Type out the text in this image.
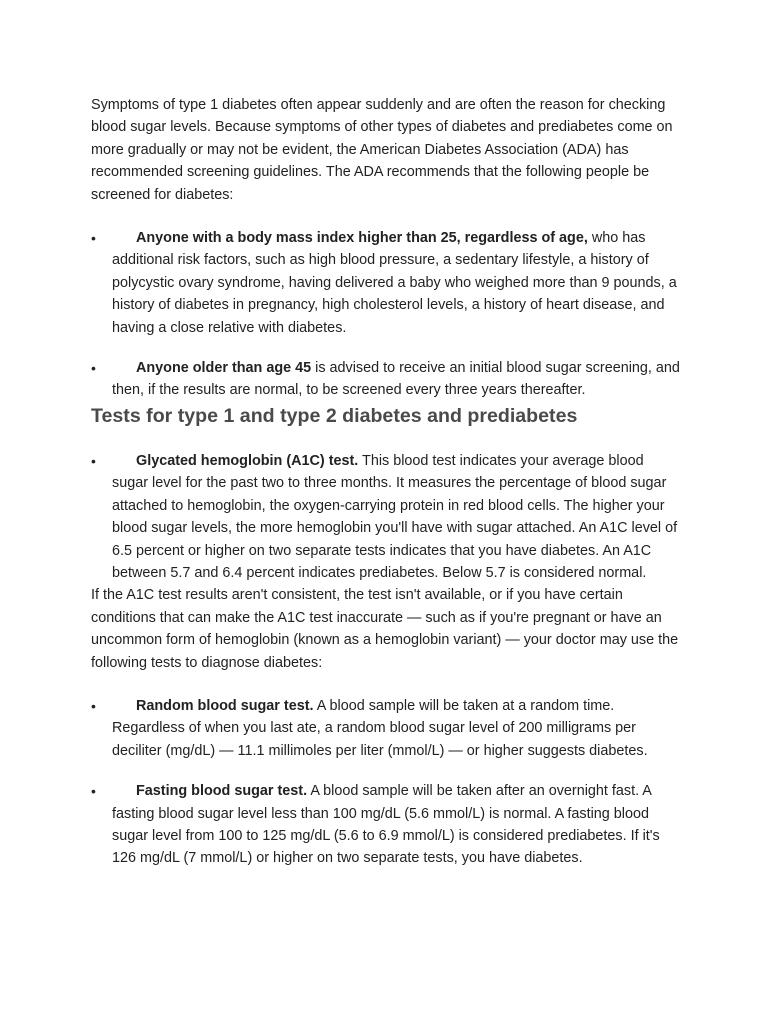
Symptoms of type 1 diabetes often appear suddenly and are often the reason for checking blood sugar levels. Because symptoms of other types of diabetes and prediabetes come on more gradually or may not be evident, the American Diabetes Association (ADA) has recommended screening guidelines. The ADA recommends that the following people be screened for diabetes:

•	Anyone with a body mass index higher than 25, regardless of age, who has additional risk factors, such as high blood pressure, a sedentary lifestyle, a history of polycystic ovary syndrome, having delivered a baby who weighed more than 9 pounds, a history of diabetes in pregnancy, high cholesterol levels, a history of heart disease, and having a close relative with diabetes.
•	Anyone older than age 45 is advised to receive an initial blood sugar screening, and then, if the results are normal, to be screened every three years thereafter.
Tests for type 1 and type 2 diabetes and prediabetes
•	Glycated hemoglobin (A1C) test. This blood test indicates your average blood sugar level for the past two to three months. It measures the percentage of blood sugar attached to hemoglobin, the oxygen-carrying protein in red blood cells. The higher your blood sugar levels, the more hemoglobin you'll have with sugar attached. An A1C level of 6.5 percent or higher on two separate tests indicates that you have diabetes. An A1C between 5.7 and 6.4 percent indicates prediabetes. Below 5.7 is considered normal.

If the A1C test results aren't consistent, the test isn't available, or if you have certain conditions that can make the A1C test inaccurate — such as if you're pregnant or have an uncommon form of hemoglobin (known as a hemoglobin variant) — your doctor may use the following tests to diagnose diabetes:

•	Random blood sugar test. A blood sample will be taken at a random time. Regardless of when you last ate, a random blood sugar level of 200 milligrams per deciliter (mg/dL) — 11.1 millimoles per liter (mmol/L) — or higher suggests diabetes.
•	Fasting blood sugar test. A blood sample will be taken after an overnight fast. A fasting blood sugar level less than 100 mg/dL (5.6 mmol/L) is normal. A fasting blood sugar level from 100 to 125 mg/dL (5.6 to 6.9 mmol/L) is considered prediabetes. If it's 126 mg/dL (7 mmol/L) or higher on two separate tests, you have diabetes.
